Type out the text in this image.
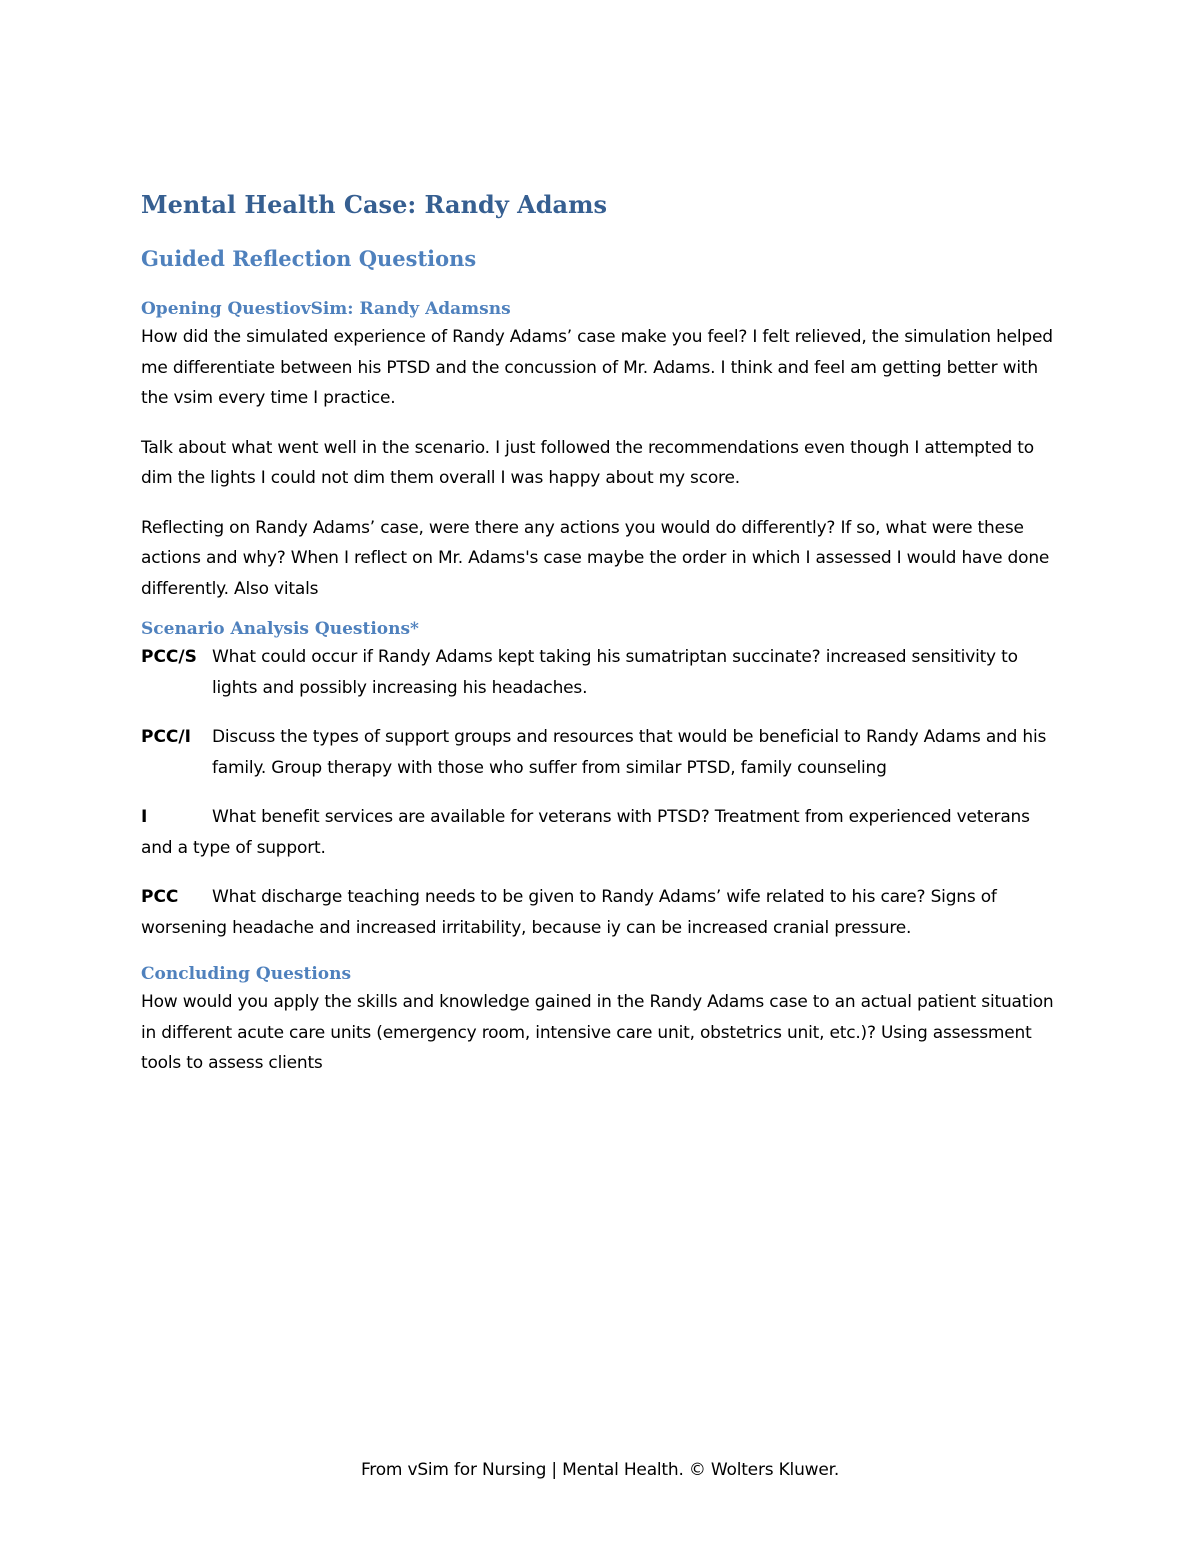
Mental Health Case: Randy Adams
Guided Reflection Questions
Opening QuestiovSim: Randy Adamsns

How did the simulated experience of Randy Adams’ case make you feel? I felt relieved, the simulation helped me differentiate between his PTSD and the concussion of Mr. Adams. I think and feel am getting better with the vsim every time I practice.

Talk about what went well in the scenario. I just followed the recommendations even though I attempted to dim the lights I could not dim them overall I was happy about my score.

Reflecting on Randy Adams’ case, were there any actions you would do differently? If so, what were these actions and why? When I reflect on Mr. Adams's case maybe the order in which I assessed I would have done differently. Also vitals

Scenario Analysis Questions*
PCC/S What could occur if Randy Adams kept taking his sumatriptan succinate? increased sensitivity to lights and possibly increasing his headaches.
PCC/I Discuss the types of support groups and resources that would be beneficial to Randy Adams and his family. Group therapy with those who suffer from similar PTSD, family counseling
I	What benefit services are available for veterans with PTSD? Treatment from experienced veterans and a type of support.
PCC What discharge teaching needs to be given to Randy Adams’ wife related to his care? Signs of worsening headache and increased irritability, because iy can be increased cranial pressure.
Concluding Questions

How would you apply the skills and knowledge gained in the Randy Adams case to an actual patient situation in different acute care units (emergency room, intensive care unit, obstetrics unit, etc.)? Using assessment tools to assess clients

From vSim for Nursing | Mental Health. © Wolters Kluwer.
